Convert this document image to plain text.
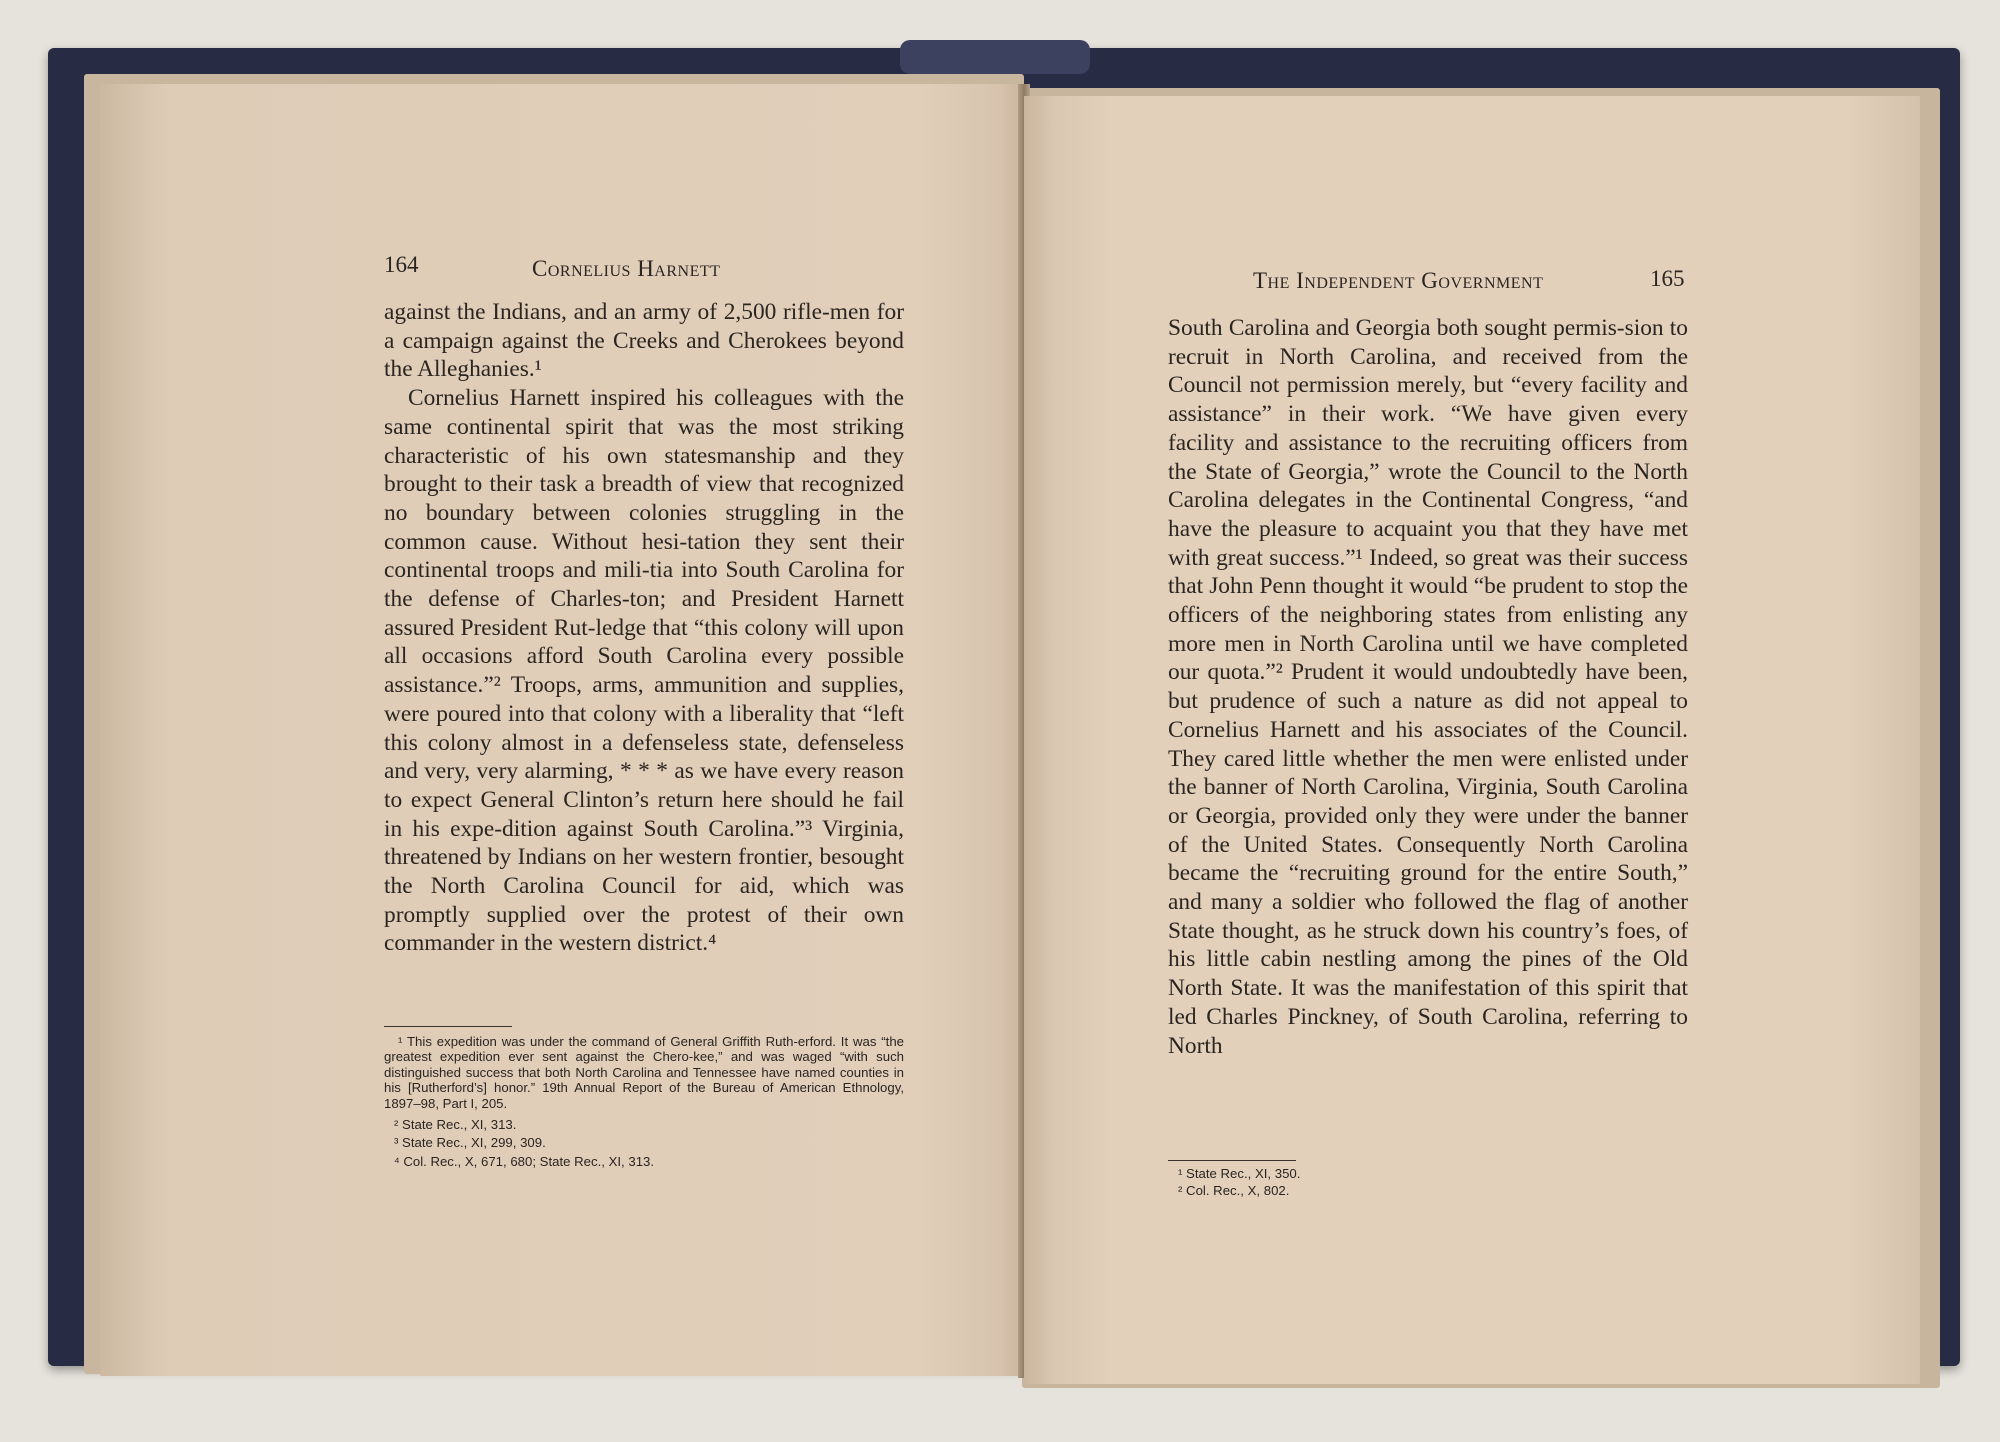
164	Cornelius Harnett

against the Indians, and an army of 2,500 rifle-men for a campaign against the Creeks and Cherokees beyond the Alleghanies.¹

Cornelius Harnett inspired his colleagues with the same continental spirit that was the most striking characteristic of his own statesmanship and they brought to their task a breadth of view that recognized no boundary between colonies struggling in the common cause. Without hesi-tation they sent their continental troops and mili-tia into South Carolina for the defense of Charles-ton; and President Harnett assured President Rut-ledge that “this colony will upon all occasions afford South Carolina every possible assistance.”² Troops, arms, ammunition and supplies, were poured into that colony with a liberality that “left this colony almost in a defenseless state, defenseless and very, very alarming, * * * as we have every reason to expect General Clinton’s return here should he fail in his expe-dition against South Carolina.”³ Virginia, threatened by Indians on her western frontier, besought the North Carolina Council for aid, which was promptly supplied over the protest of their own commander in the western district.⁴

¹ This expedition was under the command of General Griffith Ruth-erford. It was “the greatest expedition ever sent against the Chero-kee,” and was waged “with such distinguished success that both North Carolina and Tennessee have named counties in his [Rutherford’s] honor.” 19th Annual Report of the Bureau of American Ethnology, 1897–98, Part I, 205.

² State Rec., XI, 313.

³ State Rec., XI, 299, 309.

⁴ Col. Rec., X, 671, 680; State Rec., XI, 313.

The Independent Government	165

South Carolina and Georgia both sought permis-sion to recruit in North Carolina, and received from the Council not permission merely, but “every facility and assistance” in their work. “We have given every facility and assistance to the recruiting officers from the State of Georgia,” wrote the Council to the North Carolina delegates in the Continental Congress, “and have the pleasure to acquaint you that they have met with great success.”¹ Indeed, so great was their success that John Penn thought it would “be prudent to stop the officers of the neighboring states from enlisting any more men in North Carolina until we have completed our quota.”² Prudent it would undoubtedly have been, but prudence of such a nature as did not appeal to Cornelius Harnett and his associates of the Council. They cared little whether the men were enlisted under the banner of North Carolina, Virginia, South Carolina or Georgia, provided only they were under the banner of the United States. Consequently North Carolina became the “recruiting ground for the entire South,” and many a soldier who followed the flag of another State thought, as he struck down his country’s foes, of his little cabin nestling among the pines of the Old North State. It was the manifestation of this spirit that led Charles Pinckney, of South Carolina, referring to North

¹ State Rec., XI, 350.

² Col. Rec., X, 802.
